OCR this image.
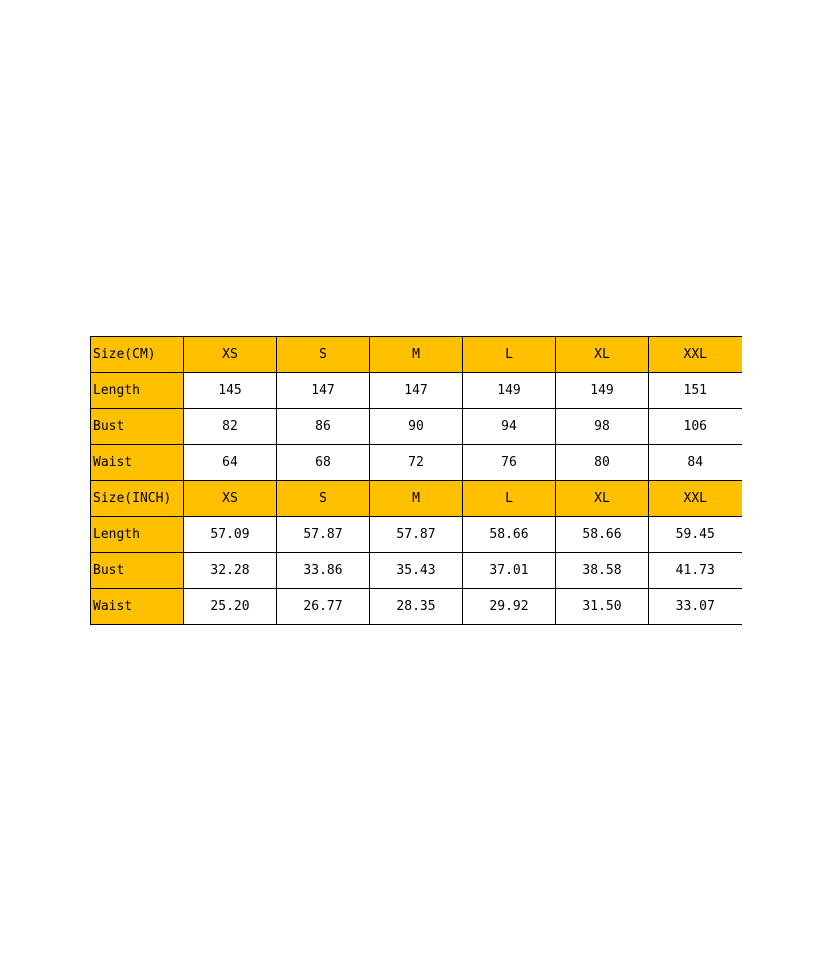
Size(CM)	XS	S	M	L	XL	XXL
Length	145	147	147	149	149	151
Bust	82	86	90	94	98	106
Waist	64	68	72	76	80	84
Size(INCH)	XS	S	M	L	XL	XXL
Length	57.09	57.87	57.87	58.66	58.66	59.45
Bust	32.28	33.86	35.43	37.01	38.58	41.73
Waist	25.20	26.77	28.35	29.92	31.50	33.07
